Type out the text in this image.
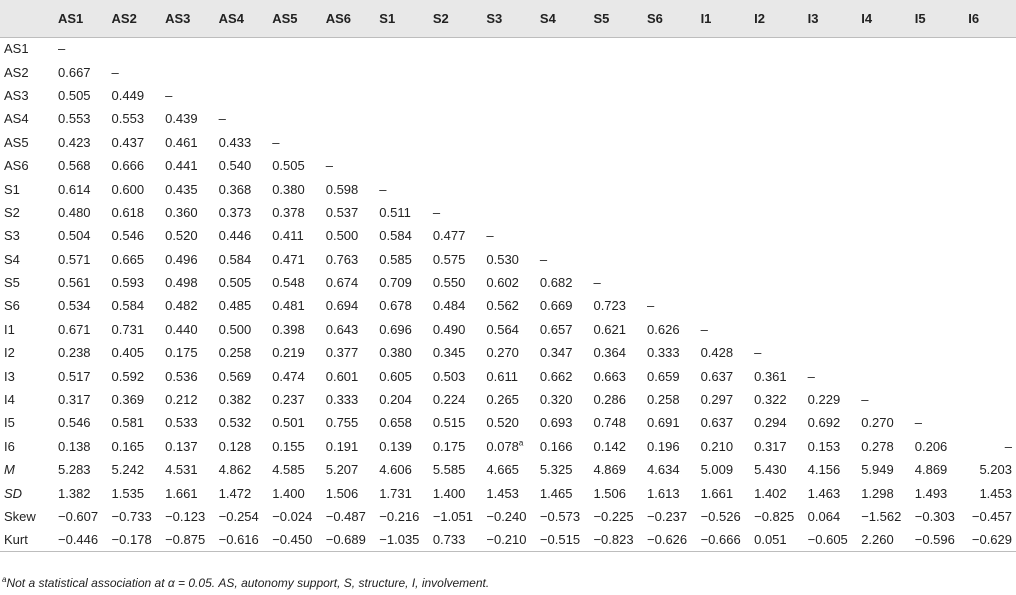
	AS1	AS2	AS3	AS4	AS5	AS6	S1	S2	S3	S4	S5	S6	I1	I2	I3	I4	I5	I6
AS1	–																	
AS2	0.667	–																
AS3	0.505	0.449	–															
AS4	0.553	0.553	0.439	–														
AS5	0.423	0.437	0.461	0.433	–													
AS6	0.568	0.666	0.441	0.540	0.505	–												
S1	0.614	0.600	0.435	0.368	0.380	0.598	–											
S2	0.480	0.618	0.360	0.373	0.378	0.537	0.511	–										
S3	0.504	0.546	0.520	0.446	0.411	0.500	0.584	0.477	–									
S4	0.571	0.665	0.496	0.584	0.471	0.763	0.585	0.575	0.530	–								
S5	0.561	0.593	0.498	0.505	0.548	0.674	0.709	0.550	0.602	0.682	–							
S6	0.534	0.584	0.482	0.485	0.481	0.694	0.678	0.484	0.562	0.669	0.723	–						
I1	0.671	0.731	0.440	0.500	0.398	0.643	0.696	0.490	0.564	0.657	0.621	0.626	–					
I2	0.238	0.405	0.175	0.258	0.219	0.377	0.380	0.345	0.270	0.347	0.364	0.333	0.428	–				
I3	0.517	0.592	0.536	0.569	0.474	0.601	0.605	0.503	0.611	0.662	0.663	0.659	0.637	0.361	–			
I4	0.317	0.369	0.212	0.382	0.237	0.333	0.204	0.224	0.265	0.320	0.286	0.258	0.297	0.322	0.229	–		
I5	0.546	0.581	0.533	0.532	0.501	0.755	0.658	0.515	0.520	0.693	0.748	0.691	0.637	0.294	0.692	0.270	–	
I6	0.138	0.165	0.137	0.128	0.155	0.191	0.139	0.175	0.078$^a$	0.166	0.142	0.196	0.210	0.317	0.153	0.278	0.206	–
M	5.283	5.242	4.531	4.862	4.585	5.207	4.606	5.585	4.665	5.325	4.869	4.634	5.009	5.430	4.156	5.949	4.869	5.203
SD	1.382	1.535	1.661	1.472	1.400	1.506	1.731	1.400	1.453	1.465	1.506	1.613	1.661	1.402	1.463	1.298	1.493	1.453
Skew	−0.607	−0.733	−0.123	−0.254	−0.024	−0.487	−0.216	−1.051	−0.240	−0.573	−0.225	−0.237	−0.526	−0.825	0.064	−1.562	−0.303	−0.457
Kurt	−0.446	−0.178	−0.875	−0.616	−0.450	−0.689	−1.035	0.733	−0.210	−0.515	−0.823	−0.626	−0.666	0.051	−0.605	2.260	−0.596	−0.629
$^a$Not a statistical association at α = 0.05. AS, autonomy support, S, structure, I, involvement.
